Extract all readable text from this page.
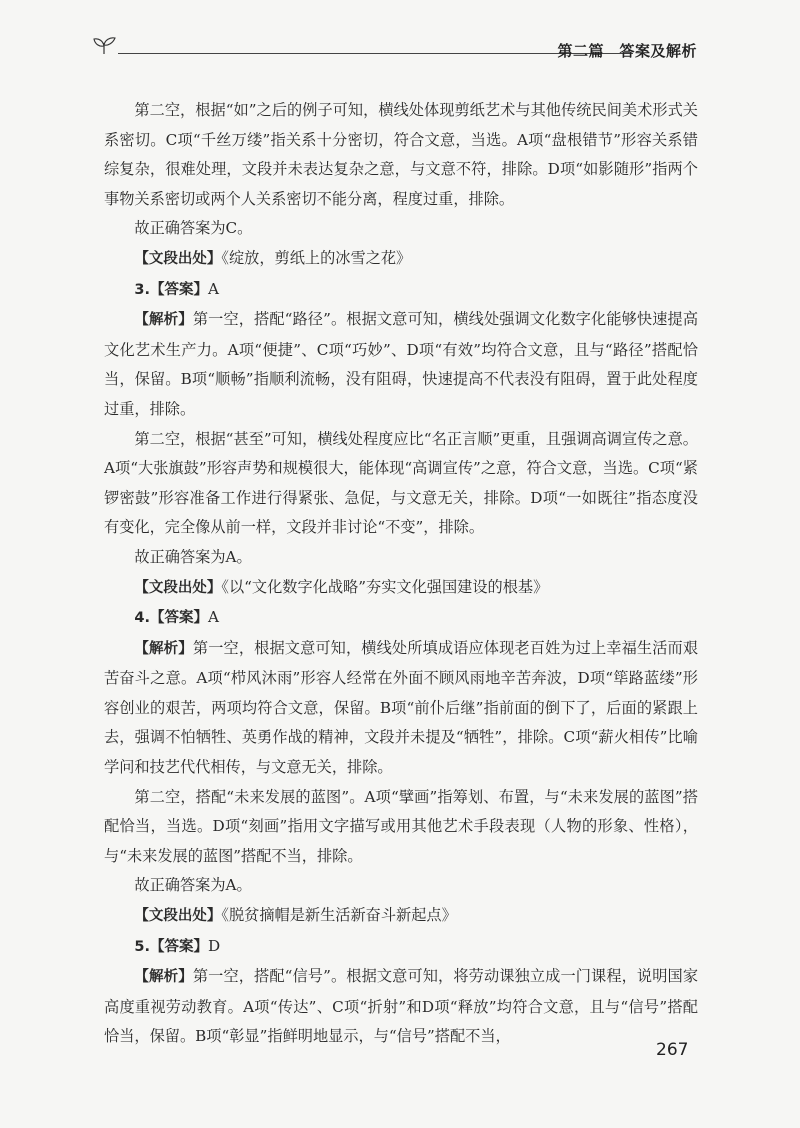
第二篇　答案及解析

第二空，根据“如”之后的例子可知，横线处体现剪纸艺术与其他传统民间美术形式关系密切。C项“千丝万缕”指关系十分密切，符合文意，当选。A项“盘根错节”形容关系错综复杂，很难处理，文段并未表达复杂之意，与文意不符，排除。D项“如影随形”指两个事物关系密切或两个人关系密切不能分离，程度过重，排除。

故正确答案为C。

【文段出处】《绽放，剪纸上的冰雪之花》

3.【答案】A

【解析】第一空，搭配“路径”。根据文意可知，横线处强调文化数字化能够快速提高文化艺术生产力。A项“便捷”、C项“巧妙”、D项“有效”均符合文意，且与“路径”搭配恰当，保留。B项“顺畅”指顺利流畅，没有阻碍，快速提高不代表没有阻碍，置于此处程度过重，排除。

第二空，根据“甚至”可知，横线处程度应比“名正言顺”更重，且强调高调宣传之意。A项“大张旗鼓”形容声势和规模很大，能体现“高调宣传”之意，符合文意，当选。C项“紧锣密鼓”形容准备工作进行得紧张、急促，与文意无关，排除。D项“一如既往”指态度没有变化，完全像从前一样，文段并非讨论“不变”，排除。

故正确答案为A。

【文段出处】《以“文化数字化战略”夯实文化强国建设的根基》

4.【答案】A

【解析】第一空，根据文意可知，横线处所填成语应体现老百姓为过上幸福生活而艰苦奋斗之意。A项“栉风沐雨”形容人经常在外面不顾风雨地辛苦奔波，D项“筚路蓝缕”形容创业的艰苦，两项均符合文意，保留。B项“前仆后继”指前面的倒下了，后面的紧跟上去，强调不怕牺牲、英勇作战的精神，文段并未提及“牺牲”，排除。C项“薪火相传”比喻学问和技艺代代相传，与文意无关，排除。

第二空，搭配“未来发展的蓝图”。A项“擘画”指筹划、布置，与“未来发展的蓝图”搭配恰当，当选。D项“刻画”指用文字描写或用其他艺术手段表现（人物的形象、性格），与“未来发展的蓝图”搭配不当，排除。

故正确答案为A。

【文段出处】《脱贫摘帽是新生活新奋斗新起点》

5.【答案】D

【解析】第一空，搭配“信号”。根据文意可知，将劳动课独立成一门课程，说明国家高度重视劳动教育。A项“传达”、C项“折射”和D项“释放”均符合文意，且与“信号”搭配恰当，保留。B项“彰显”指鲜明地显示，与“信号”搭配不当，

267
